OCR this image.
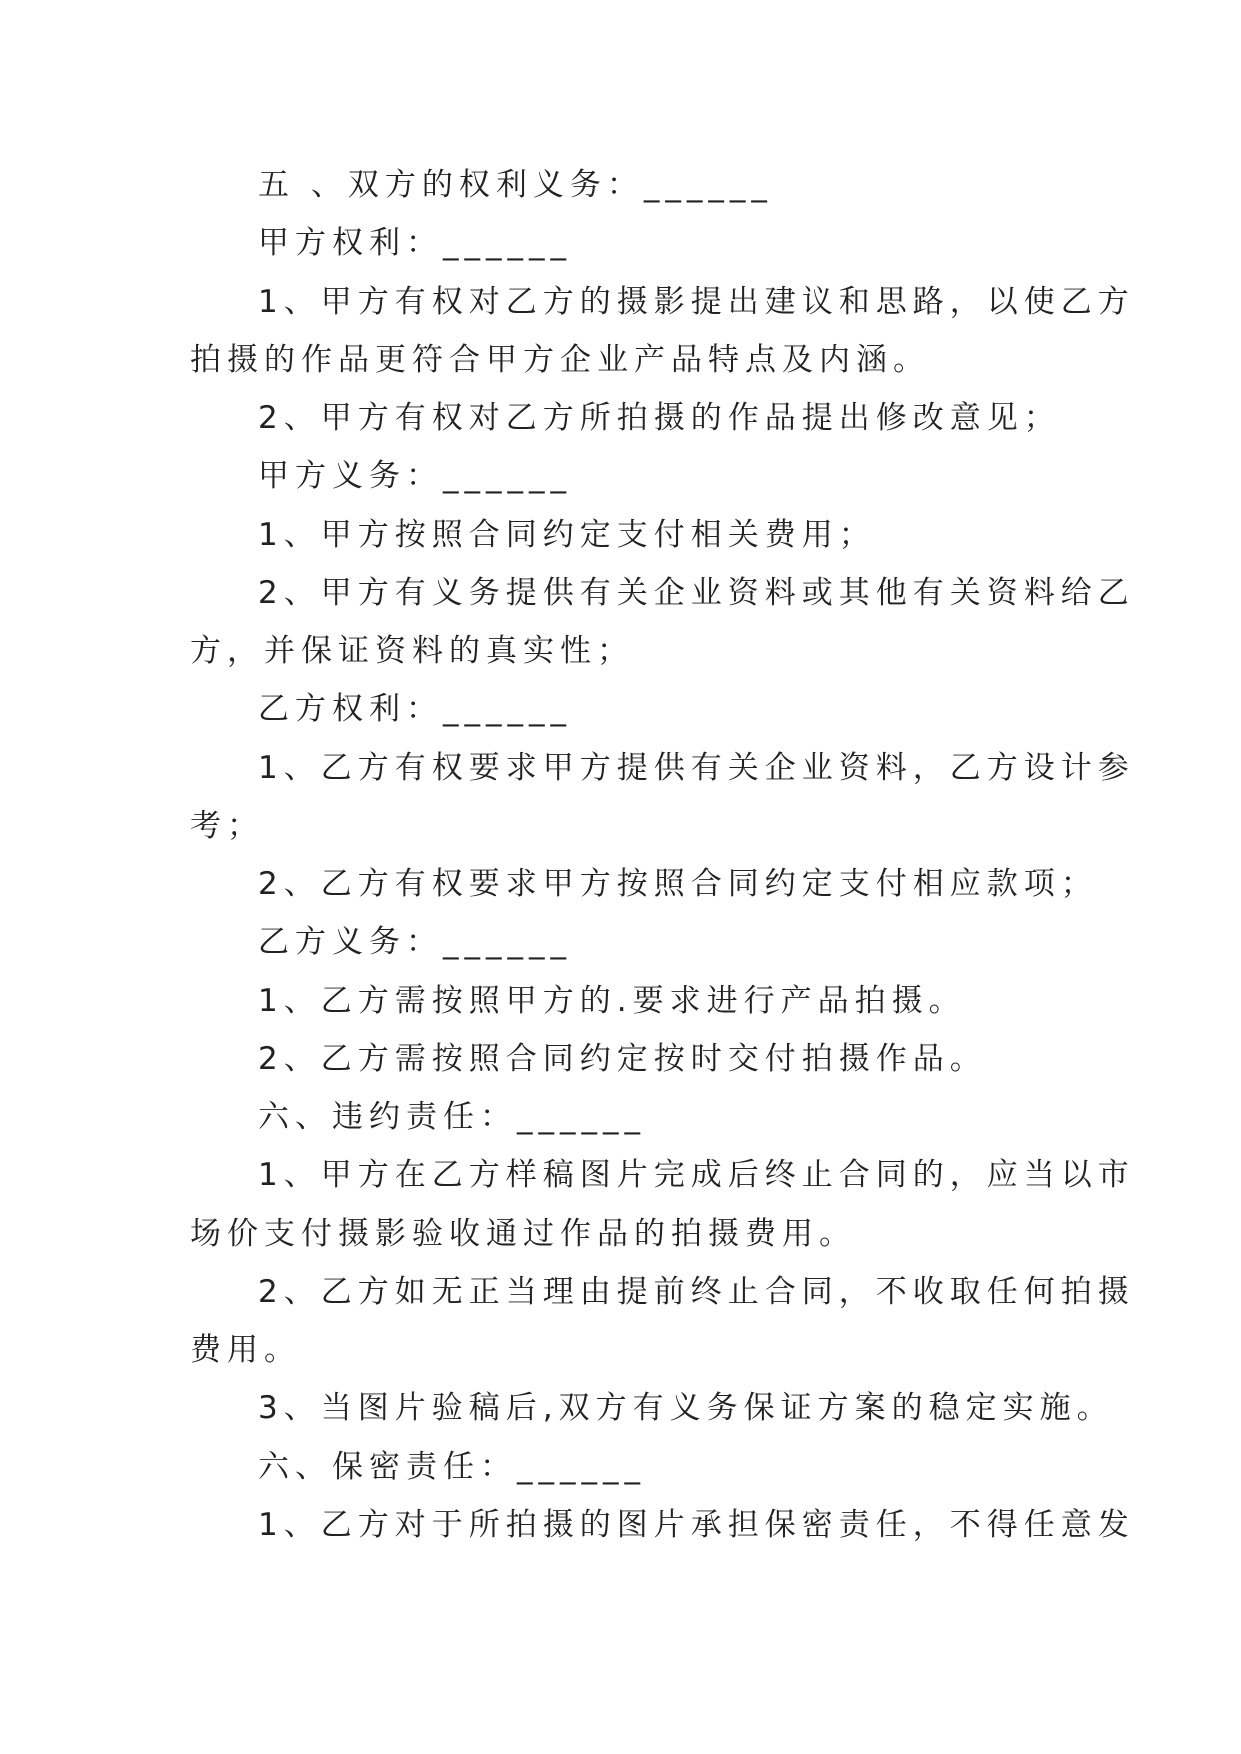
五 、双方的权利义务：______
甲方权利：______
1、甲方有权对乙方的摄影提出建议和思路，以使乙方
拍摄的作品更符合甲方企业产品特点及内涵。
2、甲方有权对乙方所拍摄的作品提出修改意见；
甲方义务：______
1、甲方按照合同约定支付相关费用；
2、甲方有义务提供有关企业资料或其他有关资料给乙
方，并保证资料的真实性；
乙方权利：______
1、乙方有权要求甲方提供有关企业资料，乙方设计参
考；
2、乙方有权要求甲方按照合同约定支付相应款项；
乙方义务：______
1、乙方需按照甲方的.要求进行产品拍摄。
2、乙方需按照合同约定按时交付拍摄作品。
六、违约责任：______
1、甲方在乙方样稿图片完成后终止合同的，应当以市
场价支付摄影验收通过作品的拍摄费用。
2、乙方如无正当理由提前终止合同，不收取任何拍摄
费用。
3、当图片验稿后,双方有义务保证方案的稳定实施。
六、保密责任：______
1、乙方对于所拍摄的图片承担保密责任，不得任意发
